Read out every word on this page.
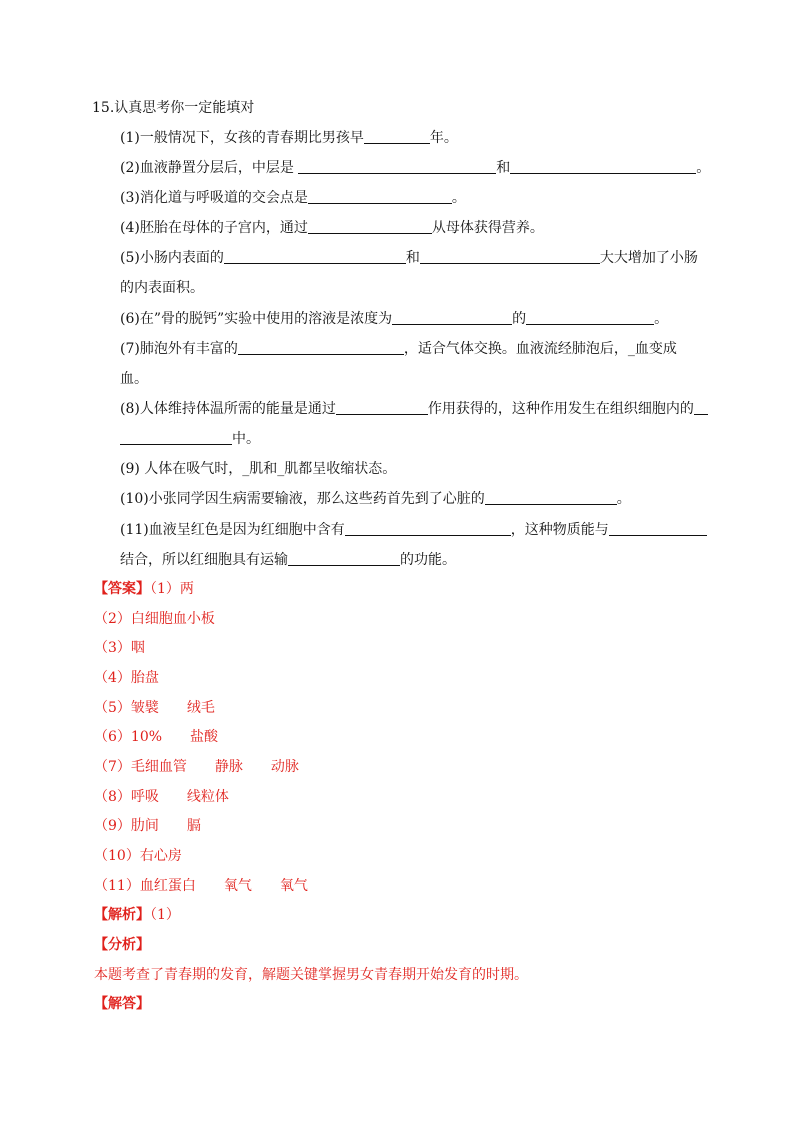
15.认真思考你一定能填对
(1)一般情况下，女孩的青春期比男孩早	年。
(2)血液静置分层后，中层是	和	。
(3)消化道与呼吸道的交会点是	。
(4)胚胎在母体的子宫内，通过	从母体获得营养。
(5)小肠内表面的	和	大大增加了小肠
的内表面积。
(6)在”骨的脱钙”实验中使用的溶液是浓度为	的	。
(7)肺泡外有丰富的	，适合气体交换。血液流经肺泡后，_血变成
血。
(8)人体维持体温所需的能量是通过	作用获得的，这种作用发生在组织细胞内的
中。
(9) 人体在吸气时，_肌和_肌都呈收缩状态。
(10)小张同学因生病需要输液，那么这些药首先到了心脏的	。
(11)血液呈红色是因为红细胞中含有	，这种物质能与
结合，所以红细胞具有运输	的功能。
【答案】（1）两
（2）白细胞血小板
（3）咽
（4）胎盘
（5）皱襞　　绒毛
（6）10%　　盐酸
（7）毛细血管　　静脉　　动脉
（8）呼吸　　线粒体
（9）肋间　　膈
（10）右心房
（11）血红蛋白　　氧气　　氧气
【解析】（1）
【分析】
本题考查了青春期的发育，解题关键掌握男女青春期开始发育的时期。
【解答】
